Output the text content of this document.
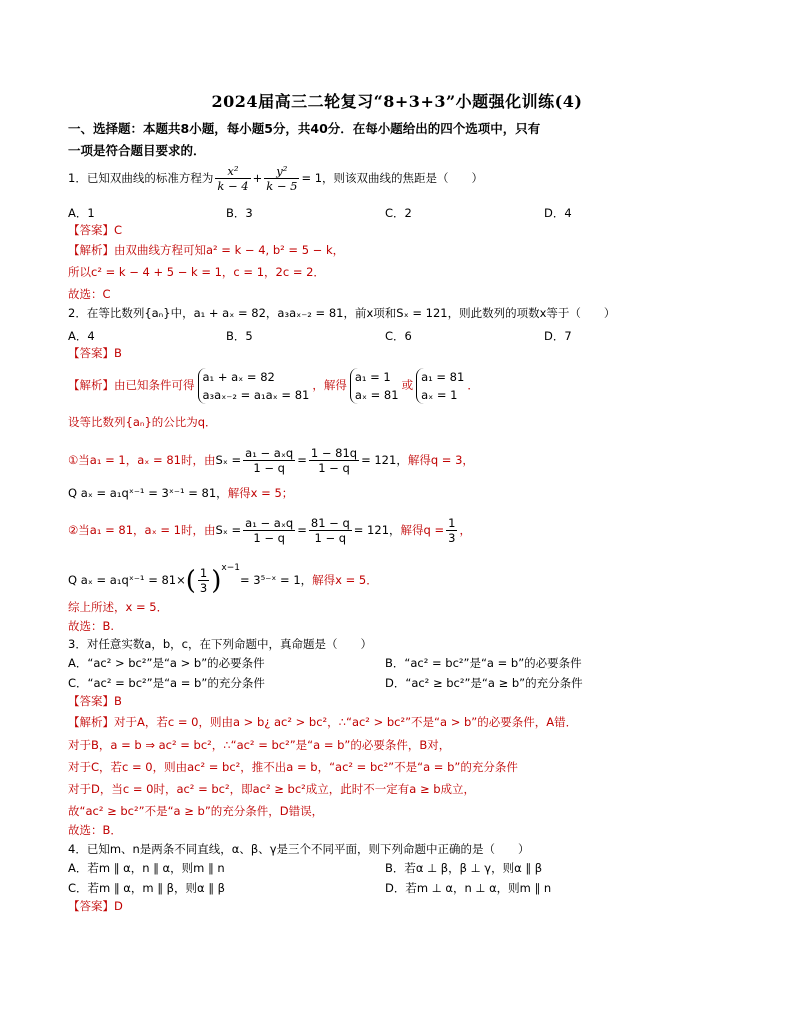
2024届高三二轮复习“8+3+3”小题强化训练(4)
一、选择题：本题共8小题，每小题5分，共40分．在每小题给出的四个选项中，只有
一项是符合题目要求的．
1．已知双曲线的标准方程为 $\frac{\text{x²}}{k - 4} + \frac{\text{y²}}{k - 5} = 1$，则该双曲线的焦距是（　　）
A．1	B．3	C．2	D．4
【答案】C
【解析】由双曲线方程可知a² = k − 4, b² = 5 − k，
所以c² = k − 4 + 5 − k = 1，c = 1，2c = 2．
故选：C
2．在等比数列{aₙ}中，a₁ + aₓ = 82，a₃aₓ₋₂ = 81，前x项和Sₓ = 121，则此数列的项数x等于（　　）
A．4	B．5	C．6	D．7
【答案】B
【解析】由已知条件可得
a₁ + aₓ = 82
a₃aₓ₋₂ = a₁aₓ = 81
，解得
a₁ = 1
aₓ = 81
或
a₁ = 81
aₓ = 1
．
设等比数列{aₙ}的公比为q．
①当a₁ = 1，aₓ = 81时，由$S_x = \frac{\text{a₁ − aₓq}}{1 - q} = \frac{1 - 81q}{1 - q} = 121$，解得q = 3，
Q aₓ = a₁qˣ⁻¹ = 3ˣ⁻¹ = 81，解得x = 5；
②当a₁ = 81，aₓ = 1时，由$S_x = \frac{\text{a₁ − aₓq}}{1 - q} = \frac{81 - q}{1 - q} = 121$，解得$q = \frac{1}{3}$ ，
Q aₓ = a₁qˣ⁻¹ = $81\times( \frac{1}{3} )^{x-1}=$ 3⁵⁻ˣ = 1，解得x = 5．
综上所述，x = 5．
故选：B.
3．对任意实数a，b，c，在下列命题中，真命题是（　　）
A．“ac² > bc²”是“a > b”的必要条件	B．“ac² = bc²”是“a = b”的必要条件
C．“ac² = bc²”是“a = b”的充分条件	D．“ac² ≥ bc²”是“a ≥ b”的充分条件
【答案】B
【解析】对于A，若c = 0，则由a > b¿ ac² > bc²，∴“ac² > bc²”不是“a > b”的必要条件，A错．
对于B，a = b ⇒ ac² = bc²，∴“ac² = bc²”是“a = b”的必要条件，B对，
对于C，若c = 0，则由ac² = bc²，推不出a = b，“ac² = bc²”不是“a = b”的充分条件
对于D，当c = 0时，ac² = bc²，即ac² ≥ bc²成立，此时不一定有a ≥ b成立，
故“ac² ≥ bc²”不是“a ≥ b”的充分条件，D错误，
故选：B．
4．已知m、n是两条不同直线，α、β、γ是三个不同平面，则下列命题中正确的是（　　）
A．若m ∥ α，n ∥ α，则m ∥ n	B．若α ⊥ β，β ⊥ γ，则α ∥ β
C．若m ∥ α，m ∥ β，则α ∥ β	D．若m ⊥ α，n ⊥ α，则m ∥ n
【答案】D
